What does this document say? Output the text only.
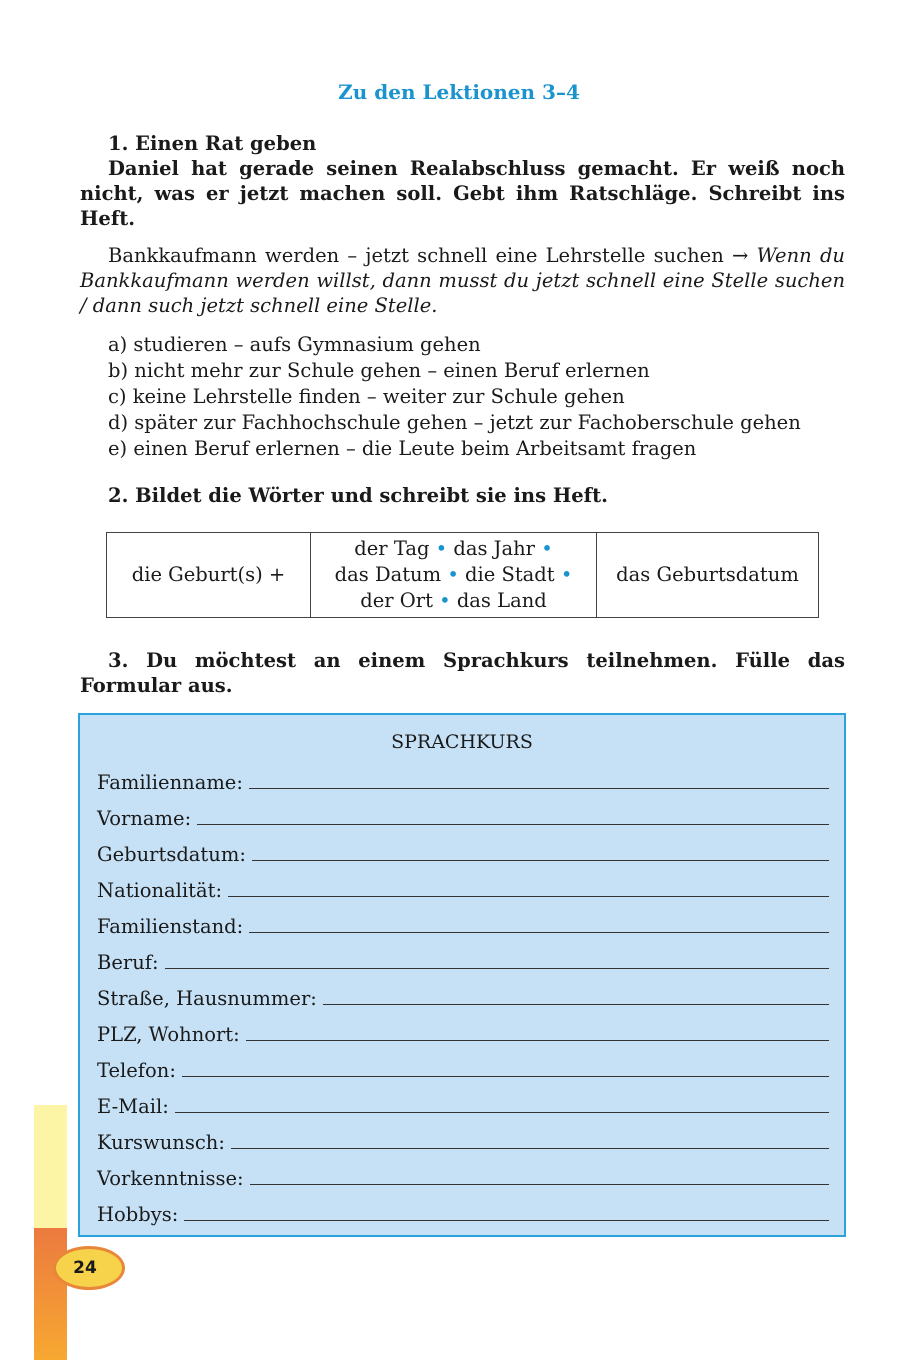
Zu den Lektionen 3–4
1. Einen Rat geben
Daniel hat gerade seinen Realabschluss gemacht. Er weiß noch nicht, was er jetzt machen soll. Gebt ihm Ratschläge. Schreibt ins Heft.
Bankkaufmann werden – jetzt schnell eine Lehrstelle suchen → Wenn du Bankkaufmann werden willst, dann musst du jetzt schnell eine Stelle suchen / dann such jetzt schnell eine Stelle.
a) studieren – aufs Gymnasium gehen
b) nicht mehr zur Schule gehen – einen Beruf erlernen
c) keine Lehrstelle finden – weiter zur Schule gehen
d) später zur Fachhochschule gehen – jetzt zur Fachoberschule gehen
e) einen Beruf erlernen – die Leute beim Arbeitsamt fragen
2. Bildet die Wörter und schreibt sie ins Heft.
die Geburt(s) +	der Tag • das Jahr •
das Datum • die Stadt •
der Ort • das Land	das Geburtsdatum
3. Du möchtest an einem Sprachkurs teilnehmen. Fülle das Formular aus.
SPRACHKURS
Familienname:
Vorname:
Geburtsdatum:
Nationalität:
Familienstand:
Beruf:
Straße, Hausnummer:
PLZ, Wohnort:
Telefon:
E-Mail:
Kurswunsch:
Vorkenntnisse:
Hobbys:
24
